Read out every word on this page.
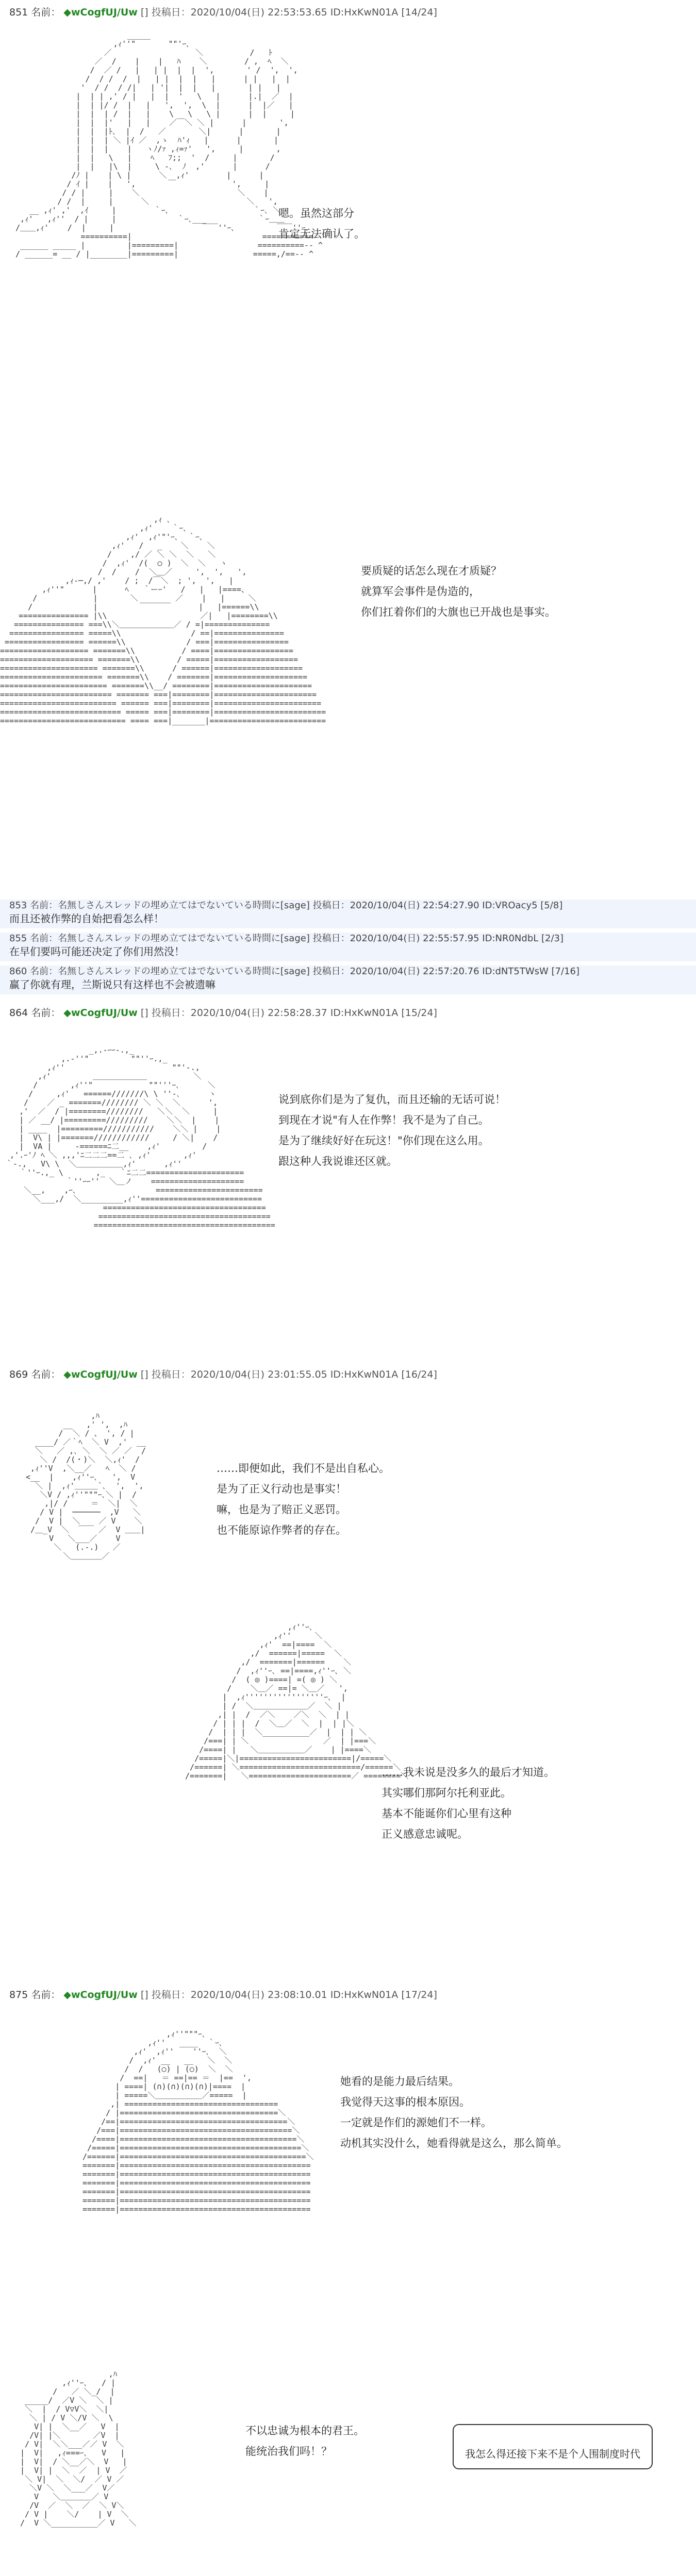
851 名前： ◆wCogfUJ/Uw [] 投稿日：2020/10/04(日) 22:53:53.65 ID:HxKwN01A [14/24]
_____
,ｨ''"       ""'ｰ､
／                  ＼          /   ﾄ
／  /    |    |   ﾊ    ＼        / ,  ﾍ  ＼
/  ／ /   |   | |  |  |  ',       ' /  ',  ',
/  / /  /  |   | |  |  |   |      | |   |  |
'  / /  / /|   | '|  |  |   |       | |   |
|  | | ,' / |   |  |  '   \   |      |.|  ／  |
|  | |/ /  |   |   ',  ',  \  |      |  |／   |
|  |  | /  |   |    \   \   \ |      |  |     |
|  |  |'   |   |    ／￣＼ ＼ |      |       ',
|  |  |ﾄ､  |  /   ／       ＼|      |       |
|  |  | ＼ |ｲ ／  ,ゝ  ﾊ'ｨ   |      |       |
|  |  |    |   ヽﾉ/ｧ ,ｨ=ｧ'   ',     |       ,
|  |   \   |    ﾍ   ﾌ;;  '  /     |       /
|  |   |\  |     \ ‐､  ﾉ  ,'      |      /
/ﾉ |    | \ |      ＼  ,ｨ'        |      |
/ ｲ |    |   ',       ￣            ',     |
/ / |     |    ＼                     ＼    |
/ /  |     |      ＼                     ＼   ',
__ ,ｨ' ,'  ,ｲ     |        ｀ｰ､                  ｀ｰ､ ＼
,ｨ'   ,ｨ''  / |     |             ｀ｰ､___           ｀ｰ＿＿
/＿＿,ｨ'    /  |     |                   ￣￣''ｰ､         ￣￣''ｰ､
==========|                            ===========
______ _____ |         |=========|                 ==========-- ^
/ ______= __ / |________|=========|                =====,/==-- ^

嗯。虽然这部分
肯定无法确认了。

,ｨ ､
,ｨ'    ｀ｰ､
,ｨ'  ,ｨ'"'ｰ､  ｀ｰ､
,ｨ'   /   _    ＼    ＼
/    ,/ ／ ＼ ＼  ＼   ＼
/  ,ｨ'  /(  ○ )  ＼  ＼   ヽ
/  /    /  ＼＿／     ',  ',   ',
,ｨ-─,/ ,'    / ;  /￣＼  ; ',  ',   |
,ｨ''"      |      ﾍ   ｀ーｰ'   /   |   |====、
/            |       ＼        ／    |   |     ＼
/             |         ￣￣￣￣      |   |======\\
=============== |\\                    ／|   |========\\
=============== ===\\＼＿＿＿＿＿＿＿／ / =|==============
================ =====\\               / ==|===============
================= ======\\             / ===|================
=================== =======\\          / ====|=================
==================== =======\\        / =====|==================
===================== =======\\      / ======|===================
====================== =======\\    / =======|====================
======================= =======\\__/ ========|=====================
======================== ======= ===|========|======================
========================= ====== ===|========|=======================
========================== ===== ===|========|========================
=========================== ==== ===|_______|=========================

要质疑的话怎么现在才质疑？
就算军会事件是伪造的，
你们扛着你们的大旗也已开战也是事实。

853 名前：名無しさんスレッドの埋め立てはでないている時間に[sage] 投稿日：2020/10/04(日) 22:54:27.90 ID:VROacy5 [5/8]
而且还被作弊的自始把看怎么样！
855 名前：名無しさんスレッドの埋め立てはでないている時間に[sage] 投稿日：2020/10/04(日) 22:55:57.95 ID:NR0NdbL [2/3]
在早们要吗可能还决定了你们用然没！
860 名前：名無しさんスレッドの埋め立てはでないている時間に[sage] 投稿日：2020/10/04(日) 22:57:20.76 ID:dNT5TWsW [7/16]
赢了你就有理，兰斯说只有这样也不会被遗嘛
864 名前： ◆wCogfUJ/Uw [] 投稿日：2020/10/04(日) 22:58:28.37 ID:HxKwN01A [15/24]
_,.-ｰｰ-.,_
,.-''"         ""''ｰ.,_
,ｨ''                       ""'-.,
,ｨ'         ＿＿＿＿＿＿＿          ＼
/       ,ｨ''"            ""'''ｰ､      ＼
/     ,ｨ'   ======///////\ \ ''-､      ヽ
/    ／ _ =======//////// ＼ ＼  ＼      ',
,'  ／  / |========////////   ＼＼  ＼     |
| ／ __/ |=========/////////    ＼＼  |    |
| ____  |=========///////////    ＼＼ |    |
|  V\ | |=======////////////     / ＼|    /
|  VA |     ‐======ﾆ二__    ,ｨ'         /
,'.ｰ'ﾉ ﾍ ＼ ,,,'ﾆ二二二==二 ､ ,ｨ'       ,ｨ'
｀-.,   V\ \  ＼＿＿＿＿＿＿,ｨ'      ,ｨ''
｀''ｰ.,_ \       ,_   ｀ﾆ二二=====================
｀''ｰｰ''  ＼＿ノ    ====================
＼__,    ,ｰ､                 =======================
＼___,/  ＼_________,ｨ''==========================
===================================
=====================================
=======================================

说到底你们是为了复仇，而且还输的无话可说！
到现在才说"有人在作弊！我不是为了自己。
是为了继续好好在玩这！"你们现在这么用。
跟这种人我说谁还区就。

869 名前： ◆wCogfUJ/Uw [] 投稿日：2020/10/04(日) 23:01:55.05 ID:HxKwN01A [16/24]
,ﾊ
__   ,' ',  ,ﾊ
/  ＼ / 、 ', / |
____/ ／｀ﾍ  ＼ V  ,'  __
＼   ／ ,､ ＼  ＼ ／ ／  /
＼ /  /(・)＼  ＼,ｨ'  /
,ｨ''V  ,＼__／   ﾍ  ＼ /
<__  |    ,ｨ''ｰ､   ',  V
＼ |  ,ｨ'＿＿＿`､  ',  ',
＼V / ,ｨ''"""ｰ､＼ |  /
,|/ /     ＝  ＼|  ＼
/ V |  ──────  ,V   ＼
/  V |  ＼    ／ V    ＼
/＿_V  ＼  ￣￣ ／  V ＿＿|
V   ＼___／    V
＼   (.-.)   ／
＼＿＿＿＿／

……即便如此，我们不是出自私心。
是为了正义行动也是事实！
嘛，也是为了赔正义恶罚。
也不能原谅作弊者的存在。

,ｨ''ｰ､
,ｨ''     ＼
,ｨ'  ==|====  ＼
,/  ======|=====  ＼
,/  =======|======    ＼
/  ,ｨ''ｰ､ ==|====,ｨ''ｰ､ ＼
/  ( ◎ )====| =( ◎ ) ＼
/    ＼＿／ ==|= ＼＿／   ',
|  ,ｨ'''''''''''''''''ｰ､  |
| /  ＼＿＿＿＿＿＿＿／  ＼ |
,| |  /  ／＼    ／＼  ＼  | |
/ | | |  /  ＼＿／  ＼  |  | |＼
/  | | |  ＼__________／  |  | | ＼
/===| | ＼                ／  | |===＼
/====| |   ＼＿＿＿＿＿＿／    | |====＼
/=====|＼|========================|/=====＼
/======| ＼==========================/======＼
/=======|   ＼======================／ ========＼

……我未说是没多久的最后才知道。
其实哪们那阿尔托利亚此。
基本不能诞你们心里有这种
正义感意忠诚呢。

875 名前： ◆wCogfUJ/Uw [] 投稿日：2020/10/04(日) 23:08:10.01 ID:HxKwN01A [17/24]
,ｨ''"""ｰ､
,ｨ''   ____  ｀ｰ､
,ｨ'  ,ｨ''    ''ｰ､  ＼
/  ,ｨ' __   __   ＼  ＼
/  /   (○) | (○)  ＼  ＼
/  ==|   ＝ ==|== ＝  |==  ',
| ====| (∩)(∩)(∩)(∩)|====  |
| =====＼＿＿＿＿＿＿／=====  |
,| =================================
/ |==================================＼
/==|====================================＼
/===|=====================================＼
/====|======================================＼
/=====|=======================================＼
/======|========================================＼
=======|=========================================
=======|=========================================
=======|=========================================
=======|=========================================
=======|=========================================
=======|=========================================

她看的是能力最后结果。
我觉得天这事的根本原因。
一定就是作们的源她们不一样。
动机其实没什么，她看得就是这么，那么简单。

,ﾊ
,ｨ''ｰ､   / |
/   ／ ＼_/  |
_____/  ／V ＼  ＼ |
＼  |  / V▽V＼  ＼|
＼ | / V ＼/V ＼  \
V| |  ＼__／   V  |
/V| |＼       ／V  |
/ V|  ＼＼___／／ V  ＼
|  V|   ,ｨ===ｰ､   V   |
|  V|  / ＼__／＼  V   |
|  V| |  ＼  ／  | V  ／
＼ V|  ＼  ＼/  ／ V ／
＼V ＼  ＼___／  V／
V   ＼＿＿＿＿／ V
/V  ／  ＼  ／  ＼ V＼
/ V |    ＼/    | V  ＼
/  V ＼__________／ V   ＼

不以忠诚为根本的君王。
能统治我们吗！？	我怎么得还接下来不是个人围制度时代
